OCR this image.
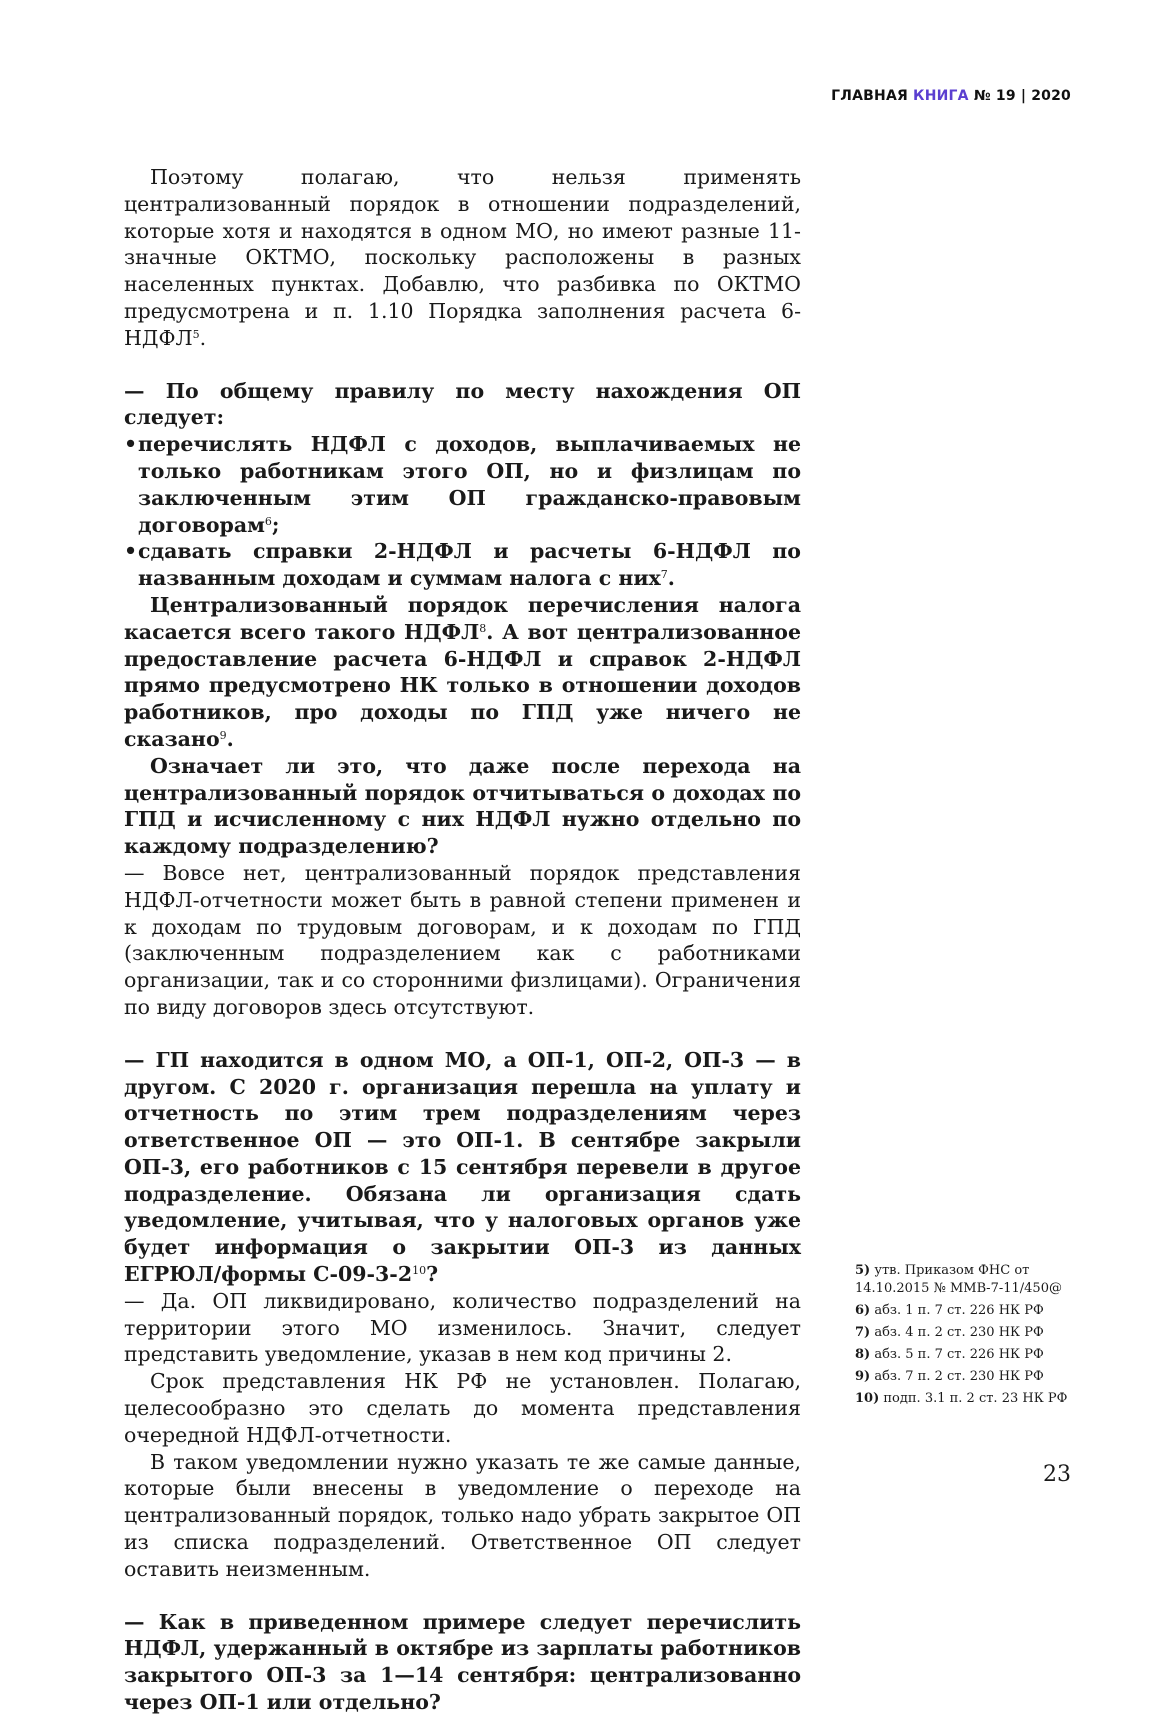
ГЛАВНАЯ КНИГА № 19 | 2020

Поэтому полагаю, что нельзя применять централизованный порядок в отношении подразделений, которые хотя и находятся в одном МО, но имеют разные 11-значные ОКТМО, поскольку расположены в разных населенных пунктах. Добавлю, что разбивка по ОКТМО предусмотрена и п. 1.10 Порядка заполнения расчета 6-НДФЛ$^5$.

— По общему правилу по месту нахождения ОП следует:

• перечислять НДФЛ с доходов, выплачиваемых не только работникам этого ОП, но и физлицам по заключенным этим ОП гражданско-правовым договорам$^6$;

• сдавать справки 2-НДФЛ и расчеты 6-НДФЛ по названным доходам и суммам налога с них$^7$.

Централизованный порядок перечисления налога касается всего такого НДФЛ$^8$. А вот централизованное предоставление расчета 6-НДФЛ и справок 2-НДФЛ прямо предусмотрено НК только в отношении доходов работников, про доходы по ГПД уже ничего не сказано$^9$.

Означает ли это, что даже после перехода на централизованный порядок отчитываться о доходах по ГПД и исчисленному с них НДФЛ нужно отдельно по каждому подразделению?

— Вовсе нет, централизованный порядок представления НДФЛ-отчетности может быть в равной степени применен и к доходам по трудовым договорам, и к доходам по ГПД (заключенным подразделением как с работниками организации, так и со сторонними физлицами). Ограничения по виду договоров здесь отсутствуют.

— ГП находится в одном МО, а ОП-1, ОП-2, ОП-3 — в другом. С 2020 г. организация перешла на уплату и отчетность по этим трем подразделениям через ответственное ОП — это ОП-1. В сентябре закрыли ОП-3, его работников с 15 сентября перевели в другое подразделение. Обязана ли организация сдать уведомление, учитывая, что у налоговых органов уже будет информация о закрытии ОП-3 из данных ЕГРЮЛ/формы С-09-3-2$^{10}$?

— Да. ОП ликвидировано, количество подразделений на территории этого МО изменилось. Значит, следует представить уведомление, указав в нем код причины 2.

Срок представления НК РФ не установлен. Полагаю, целесообразно это сделать до момента представления очередной НДФЛ-отчетности.

В таком уведомлении нужно указать те же самые данные, которые были внесены в уведомление о переходе на централизованный порядок, только надо убрать закрытое ОП из списка подразделений. Ответственное ОП следует оставить неизменным.

— Как в приведенном примере следует перечислить НДФЛ, удержанный в октябре из зарплаты работников закрытого ОП-3 за 1—14 сентября: централизованно через ОП-1 или отдельно?

5) утв. Приказом ФНС от 14.10.2015 № ММВ-7-11/450@

6) абз. 1 п. 7 ст. 226 НК РФ

7) абз. 4 п. 2 ст. 230 НК РФ

8) абз. 5 п. 7 ст. 226 НК РФ

9) абз. 7 п. 2 ст. 230 НК РФ

10) подп. 3.1 п. 2 ст. 23 НК РФ

23
